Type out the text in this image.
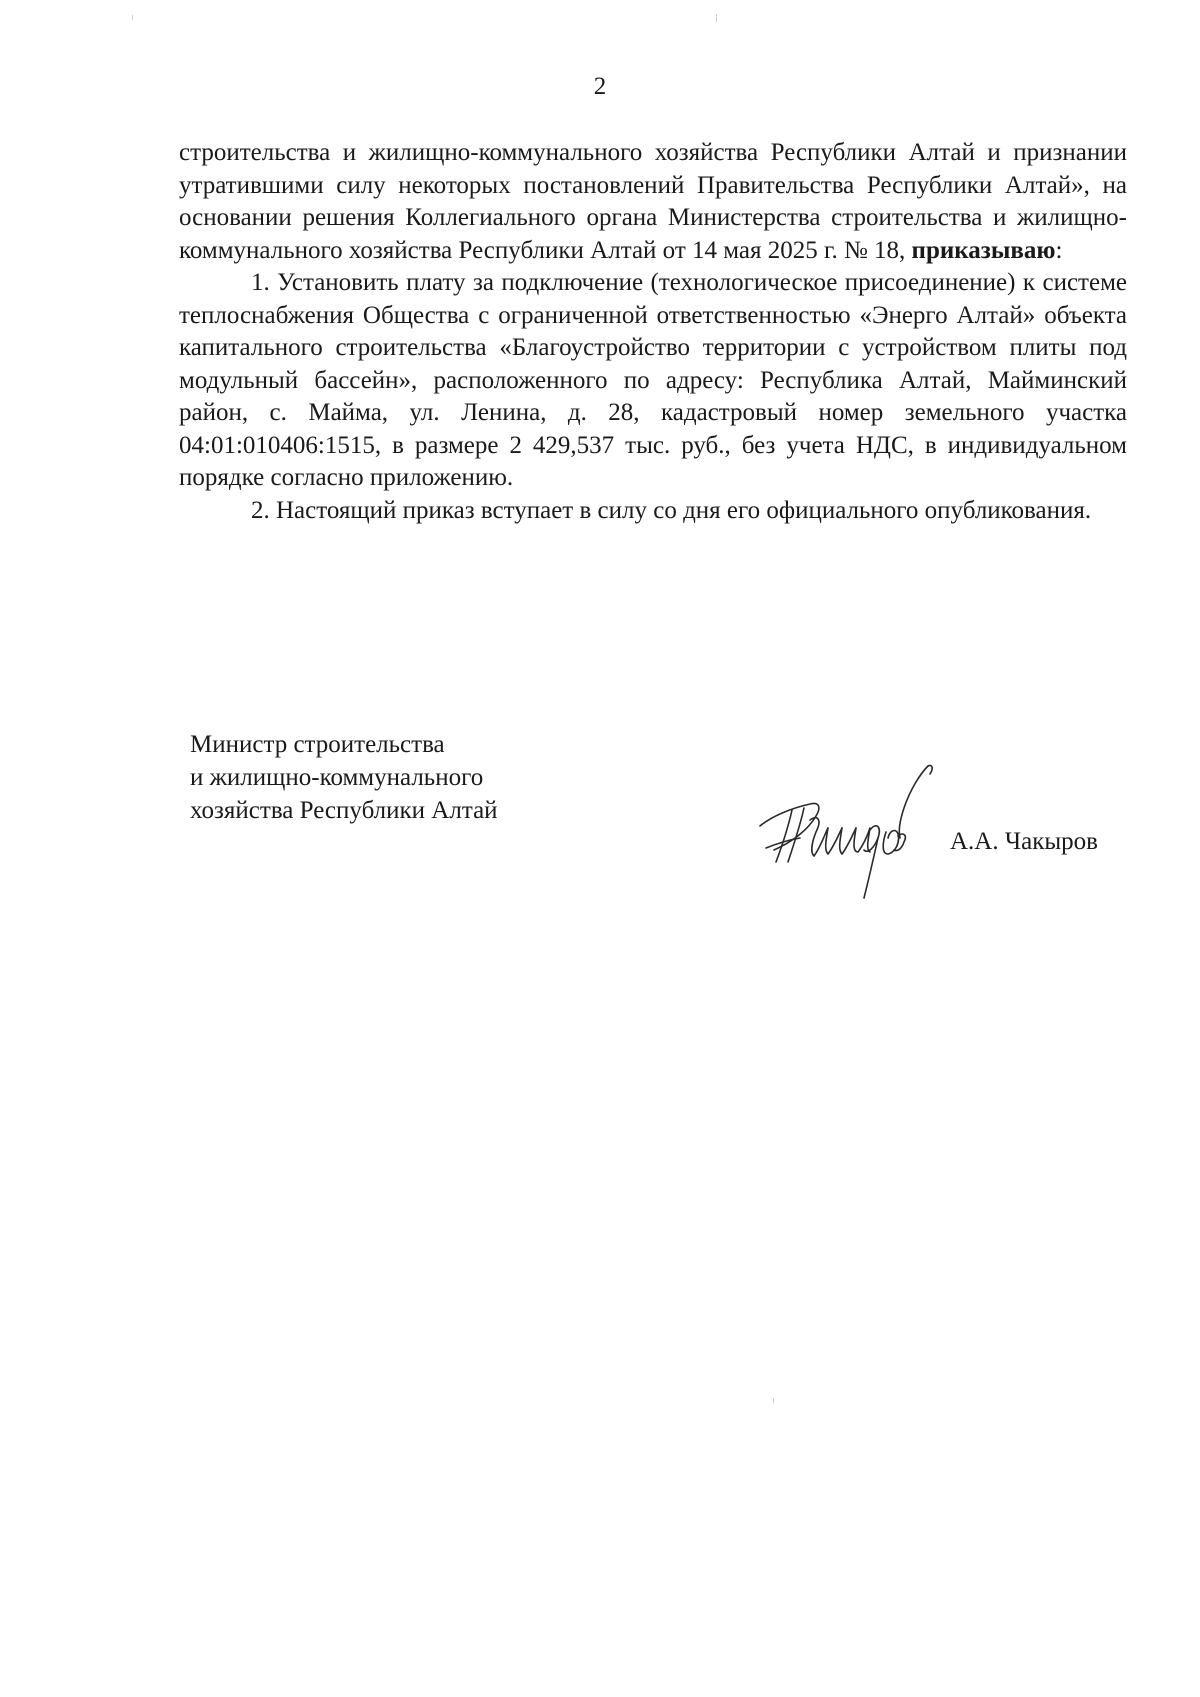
2

строительства и жилищно-коммунального хозяйства Республики Алтай и признании утратившими силу некоторых постановлений Правительства Республики Алтай», на основании решения Коллегиального органа Министерства строительства и жилищно-коммунального хозяйства Республики Алтай от 14 мая 2025 г. № 18, приказываю:

1. Установить плату за подключение (технологическое присоединение) к системе теплоснабжения Общества с ограниченной ответственностью «Энерго Алтай» объекта капитального строительства «Благоустройство территории с устройством плиты под модульный бассейн», расположенного по адресу: Республика Алтай, Майминский район, с. Майма, ул. Ленина, д. 28, кадастровый номер земельного участка 04:01:010406:1515, в размере 2 429,537 тыс. руб., без учета НДС, в индивидуальном порядке согласно приложению.

2. Настоящий приказ вступает в силу со дня его официального опубликования.

Министр строительства
и жилищно-коммунального
хозяйства Республики Алтай
А.А. Чакыров
